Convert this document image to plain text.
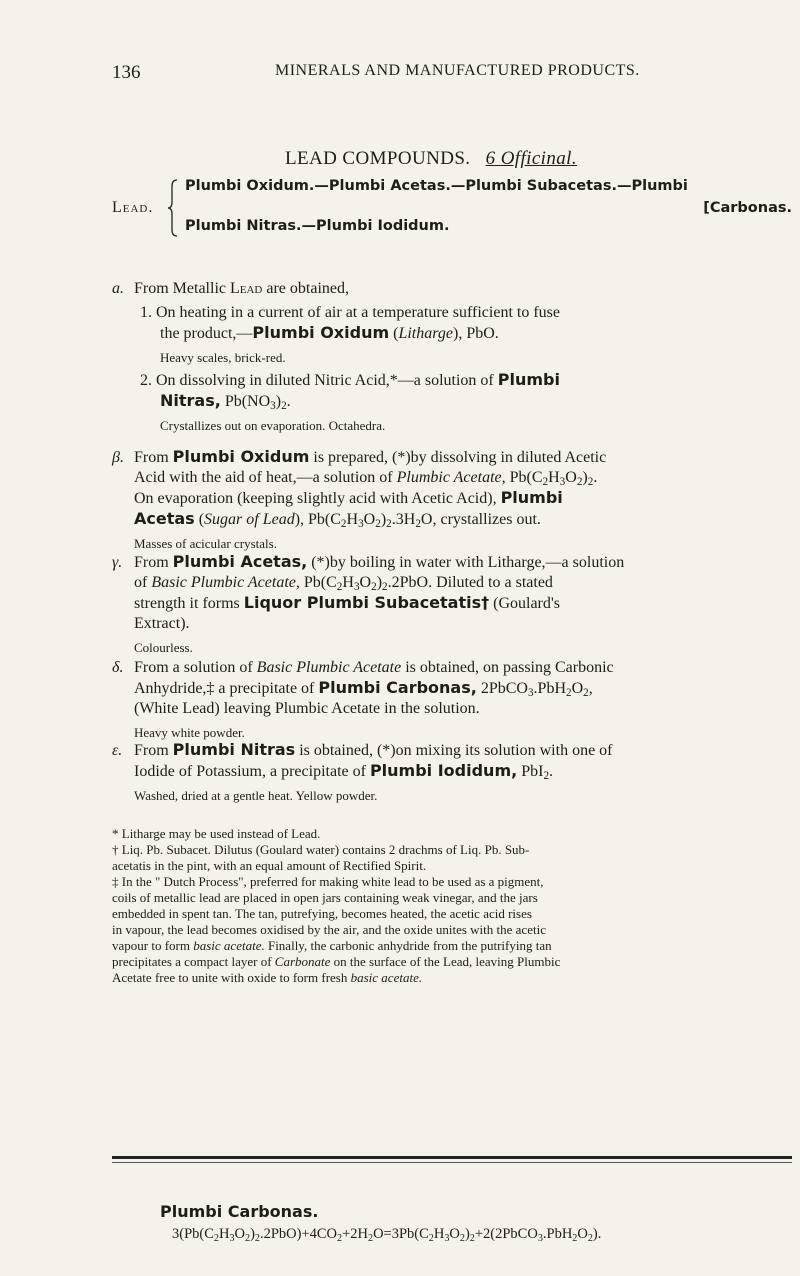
136	MINERALS AND MANUFACTURED PRODUCTS.
LEAD COMPOUNDS. 6 Officinal.
Lead.
Plumbi Oxidum.—Plumbi Acetas.—Plumbi Subacetas.—Plumbi
[Carbonas.
Plumbi Nitras.—Plumbi Iodidum.
a. From Metallic Lead are obtained,
1. On heating in a current of air at a temperature sufficient to fuse
the product,—Plumbi Oxidum (Litharge), PbO.
Heavy scales, brick-red.
2. On dissolving in diluted Nitric Acid,*—a solution of Plumbi
Nitras, $Pb(NO_3)_2$.
Crystallizes out on evaporation. Octahedra.
β. From Plumbi Oxidum is prepared, (*)by dissolving in diluted Acetic
Acid with the aid of heat,—a solution of Plumbic Acetate, $Pb(C_2H_3O_2)_2$.
On evaporation (keeping slightly acid with Acetic Acid), Plumbi
Acetas (Sugar of Lead), $Pb(C_2H_3O_2)_2.3H_2O$, crystallizes out.
Masses of acicular crystals.
γ. From Plumbi Acetas, (*)by boiling in water with Litharge,—a solution
of Basic Plumbic Acetate, $Pb(C_2H_3O_2)_2.2PbO$. Diluted to a stated
strength it forms Liquor Plumbi Subacetatis† (Goulard's
Extract).
Colourless.
δ. From a solution of Basic Plumbic Acetate is obtained, on passing Carbonic
Anhydride,‡ a precipitate of Plumbi Carbonas, $2PbCO_3.PbH_2O_2$,
(White Lead) leaving Plumbic Acetate in the solution.
Heavy white powder.
ε. From Plumbi Nitras is obtained, (*)on mixing its solution with one of
Iodide of Potassium, a precipitate of Plumbi Iodidum, PbI$_2$.
Washed, dried at a gentle heat. Yellow powder.
* Litharge may be used instead of Lead.
† Liq. Pb. Subacet. Dilutus (Goulard water) contains 2 drachms of Liq. Pb. Sub-
acetatis in the pint, with an equal amount of Rectified Spirit.
‡ In the " Dutch Process", preferred for making white lead to be used as a pigment,
coils of metallic lead are placed in open jars containing weak vinegar, and the jars
embedded in spent tan. The tan, putrefying, becomes heated, the acetic acid rises
in vapour, the lead becomes oxidised by the air, and the oxide unites with the acetic
vapour to form basic acetate. Finally, the carbonic anhydride from the putrifying tan
precipitates a compact layer of Carbonate on the surface of the Lead, leaving Plumbic
Acetate free to unite with oxide to form fresh basic acetate.
Plumbi Carbonas.
$3(Pb(C_2H_3O_2)_2.2PbO)+4CO_2+2H_2O=3Pb(C_2H_3O_2)_2+2(2PbCO_3.PbH_2O_2)$.
